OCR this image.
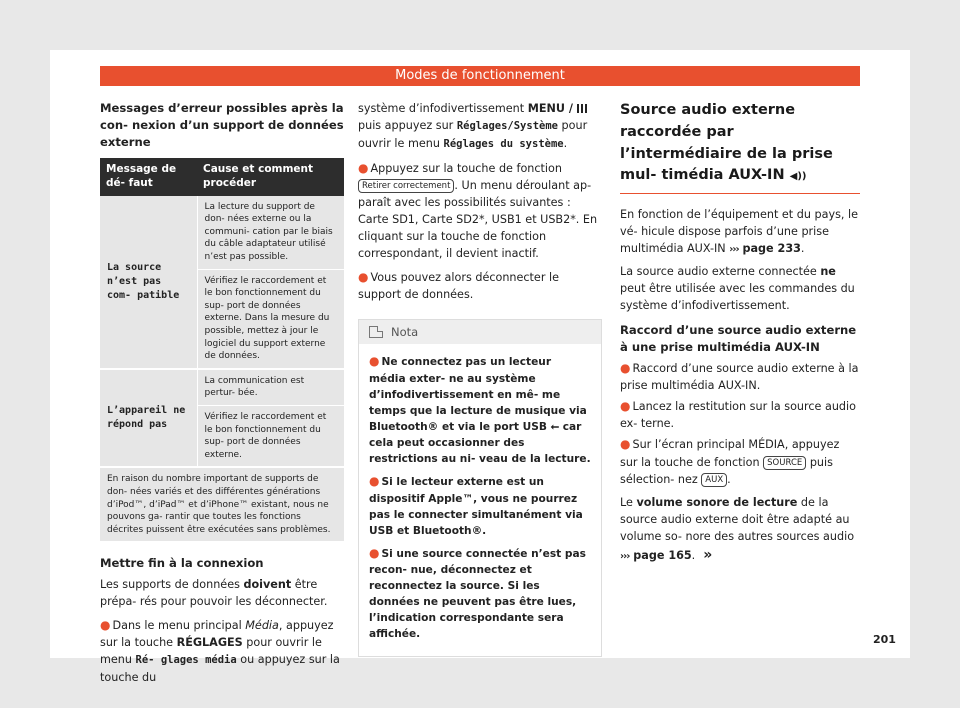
Modes de fonctionnement
Messages d’erreur possibles après la con- nexion d’un support de données externe
Message de dé- faut	Cause et comment procéder
La source n’est pas com- patible	La lecture du support de don- nées externe ou la communi- cation par le biais du câble adaptateur utilisé n’est pas possible.
	Vérifiez le raccordement et le bon fonctionnement du sup- port de données externe. Dans la mesure du possible, mettez à jour le logiciel du support externe de données.
L’appareil ne répond pas	La communication est pertur- bée.
	Vérifiez le raccordement et le bon fonctionnement du sup- port de données externe.
En raison du nombre important de supports de don- nées variés et des différentes générations d’iPod™, d’iPad™ et d’iPhone™ existant, nous ne pouvons ga- rantir que toutes les fonctions décrites puissent être exécutées sans problèmes.	
Mettre fin à la connexion

Les supports de données doivent être prépa- rés pour pouvoir les déconnecter.

● Dans le menu principal Média, appuyez sur la touche RÉGLAGES pour ouvrir le menu Ré- glages média ou appuyez sur la touche du

système d’infodivertissement MENU /  puis appuyez sur Réglages/Système pour ouvrir le menu Réglages du système.

● Appuyez sur la touche de fonction Retirer correctement . Un menu déroulant ap- paraît avec les possibilités suivantes : Carte SD1, Carte SD2*, USB1 et USB2*. En cliquant sur la touche de fonction correspondant, il devient inactif.

● Vous pouvez alors déconnecter le support de données.

Nota

● Ne connectez pas un lecteur média exter- ne au système d’infodivertissement en mê- me temps que la lecture de musique via Bluetooth® et via le port USB ⭠ car cela peut occasionner des restrictions au ni- veau de la lecture.

● Si le lecteur externe est un dispositif Apple™, vous ne pourrez pas le connecter simultanément via USB et Bluetooth®.

● Si une source connectée n’est pas recon- nue, déconnectez et reconnectez la source. Si les données ne peuvent pas être lues, l’indication correspondante sera affichée.

Source audio externe raccordée par l’intermédiaire de la prise mul- timédia AUX-IN ◀))

En fonction de l’équipement et du pays, le vé- hicule dispose parfois d’une prise multimédia AUX-IN ››› page 233.

La source audio externe connectée ne peut être utilisée avec les commandes du système d’infodivertissement.

Raccord d’une source audio externe à une prise multimédia AUX-IN

● Raccord d’une source audio externe à la prise multimédia AUX-IN.

● Lancez la restitution sur la source audio ex- terne.

● Sur l’écran principal MÉDIA, appuyez sur la touche de fonction SOURCE puis sélection- nez AUX .

Le volume sonore de lecture de la source audio externe doit être adapté au volume so- nore des autres sources audio ››› page 165. »

201
